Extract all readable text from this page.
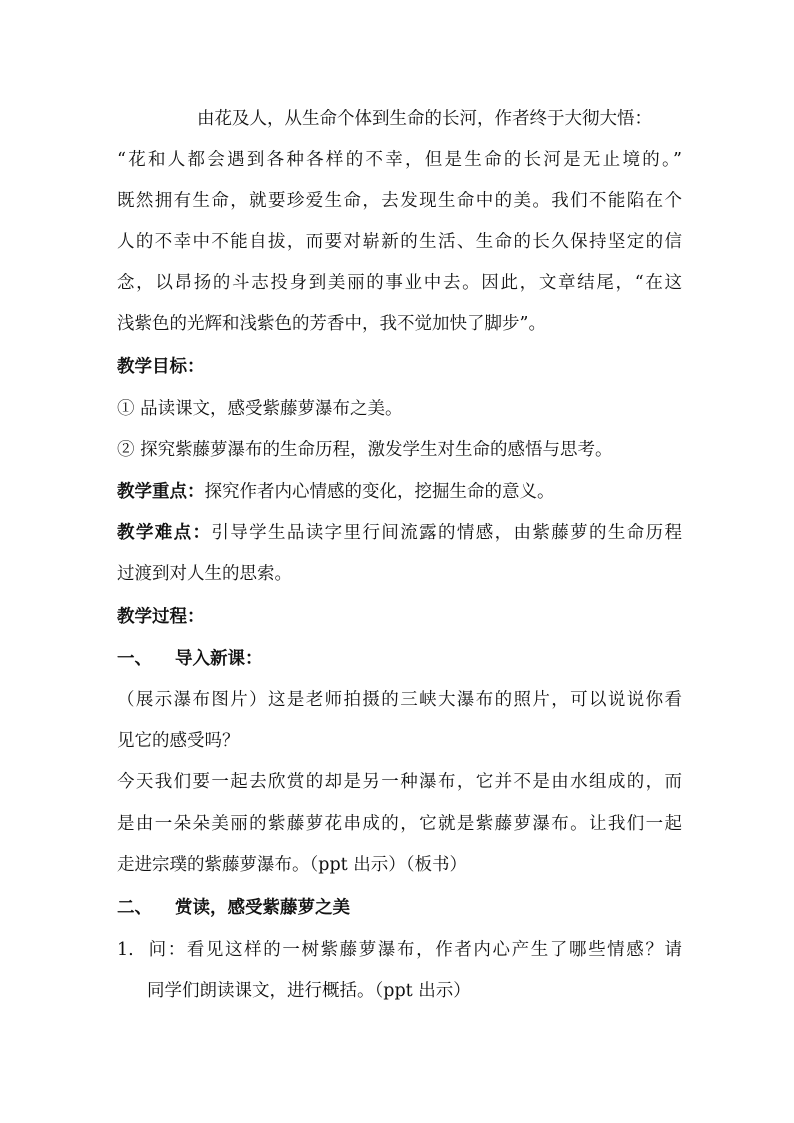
由花及人，从生命个体到生命的长河，作者终于大彻大悟：
“花和人都会遇到各种各样的不幸，但是生命的长河是无止境的。”
既然拥有生命，就要珍爱生命，去发现生命中的美。我们不能陷在个
人的不幸中不能自拔，而要对崭新的生活、生命的长久保持坚定的信
念，以昂扬的斗志投身到美丽的事业中去。因此，文章结尾，“在这
浅紫色的光辉和浅紫色的芳香中，我不觉加快了脚步”。
教学目标：
① 品读课文，感受紫藤萝瀑布之美。
② 探究紫藤萝瀑布的生命历程，激发学生对生命的感悟与思考。
教学重点：探究作者内心情感的变化，挖掘生命的意义。
教学难点：引导学生品读字里行间流露的情感，由紫藤萝的生命历程
过渡到对人生的思索。
教学过程：
一、 导入新课：
（展示瀑布图片）这是老师拍摄的三峡大瀑布的照片，可以说说你看
见它的感受吗？
今天我们要一起去欣赏的却是另一种瀑布，它并不是由水组成的，而
是由一朵朵美丽的紫藤萝花串成的，它就是紫藤萝瀑布。让我们一起
走进宗璞的紫藤萝瀑布。（ppt 出示）（板书）
二、 赏读，感受紫藤萝之美
1. 问：看见这样的一树紫藤萝瀑布，作者内心产生了哪些情感？请
同学们朗读课文，进行概括。（ppt 出示）
